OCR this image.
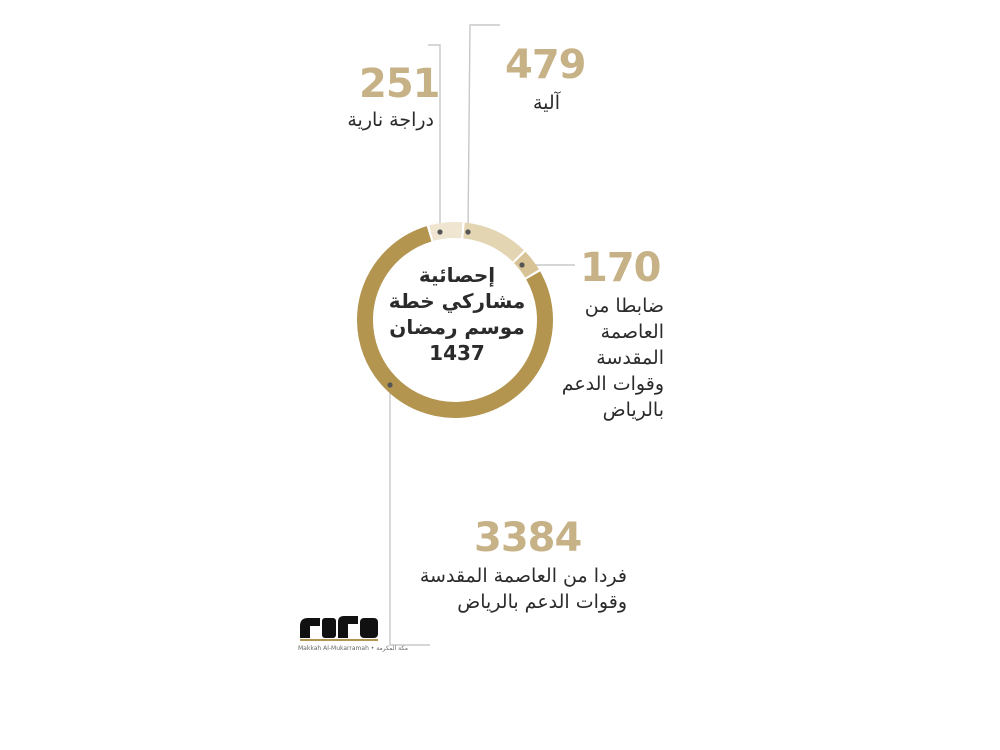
إحصائية
مشاركي خطة
موسم رمضان
1437
251
دراجة نارية
479
آلية
170
ضابطا من
العاصمة
المقدسة
وقوات الدعم
بالرياض
3384
فردا من العاصمة المقدسة
وقوات الدعم بالرياض
Makkah Al-Mukarramah • مكة المكرمة
